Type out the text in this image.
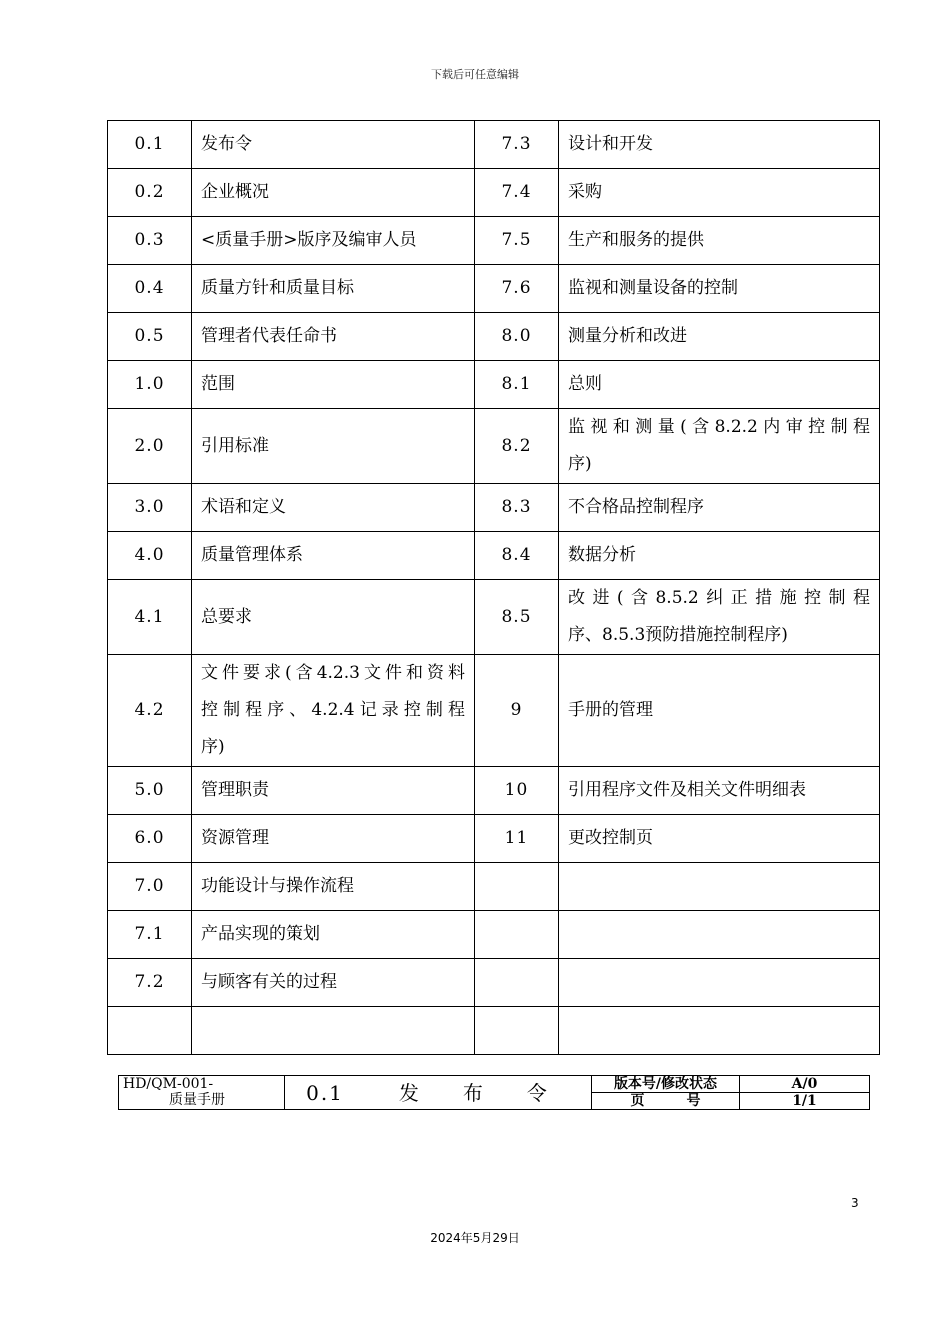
下载后可任意编辑
0.1	发布令	7.3	设计和开发
0.2	企业概况	7.4	采购
0.3	<质量手册>版序及编审人员	7.5	生产和服务的提供
0.4	质量方针和质量目标	7.6	监视和测量设备的控制
0.5	管理者代表任命书	8.0	测量分析和改进
1.0	范围	8.1	总则
2.0	引用标准	8.2	监视和测量(含8.2.2内审控制程
序)

3.0	术语和定义	8.3	不合格品控制程序
4.0	质量管理体系	8.4	数据分析
4.1	总要求	8.5	改进(含8.5.2纠正措施控制程
序、8.5.3预防措施控制程序)

4.2	文件要求(含4.2.3文件和资料
控制程序、4.2.4记录控制程
序)	9	手册的管理
5.0	管理职责	10	引用程序文件及相关文件明细表
6.0	资源管理	11	更改控制页
7.0	功能设计与操作流程		
7.1	产品实现的策划		
7.2	与顾客有关的过程		

HD/QM-001-
质量手册	0.1 发 布 令	版本号/修改状态	A/0
		页 号	1/1
3
2024年5月29日
